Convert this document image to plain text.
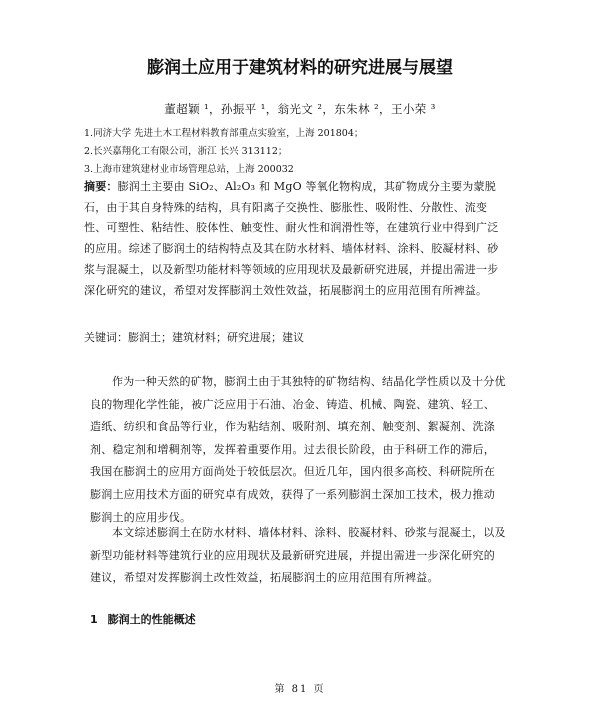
膨润土应用于建筑材料的研究进展与展望
董超颖 ¹，孙振平 ¹，翁光文 ²，东朱林 ²，王小荣 ³
1.同济大学 先进土木工程材料教育部重点实验室，上海 201804；
2.长兴嘉翔化工有限公司，浙江 长兴 313112；
3.上海市建筑建材业市场管理总站，上海 200032
摘要：膨润土主要由 SiO₂、Al₂O₃ 和 MgO 等氧化物构成，其矿物成分主要为蒙脱石，由于其自身特殊的结构，具有阳离子交换性、膨胀性、吸附性、分散性、流变性、可塑性、粘结性、胶体性、触变性、耐火性和润滑性等，在建筑行业中得到广泛的应用。综述了膨润土的结构特点及其在防水材料、墙体材料、涂料、胶凝材料、砂浆与混凝土，以及新型功能材料等领域的应用现状及最新研究进展，并提出需进一步深化研究的建议，希望对发挥膨润土效性效益，拓展膨润土的应用范围有所裨益。
关键词：膨润土；建筑材料；研究进展；建议
作为一种天然的矿物，膨润土由于其独特的矿物结构、结晶化学性质以及十分优良的物理化学性能，被广泛应用于石油、冶金、铸造、机械、陶瓷、建筑、轻工、造纸、纺织和食品等行业，作为粘结剂、吸附剂、填充剂、触变剂、絮凝剂、洗涤剂、稳定剂和增稠剂等，发挥着重要作用。过去很长阶段，由于科研工作的滞后，我国在膨润土的应用方面尚处于较低层次。但近几年，国内很多高校、科研院所在膨润土应用技术方面的研究卓有成效，获得了一系列膨润土深加工技术，极力推动膨润土的应用步伐。
本文综述膨润土在防水材料、墙体材料、涂料、胶凝材料、砂浆与混凝土，以及新型功能材料等建筑行业的应用现状及最新研究进展，并提出需进一步深化研究的建议，希望对发挥膨润土改性效益，拓展膨润土的应用范围有所裨益。
1 膨润土的性能概述
第 81 页
